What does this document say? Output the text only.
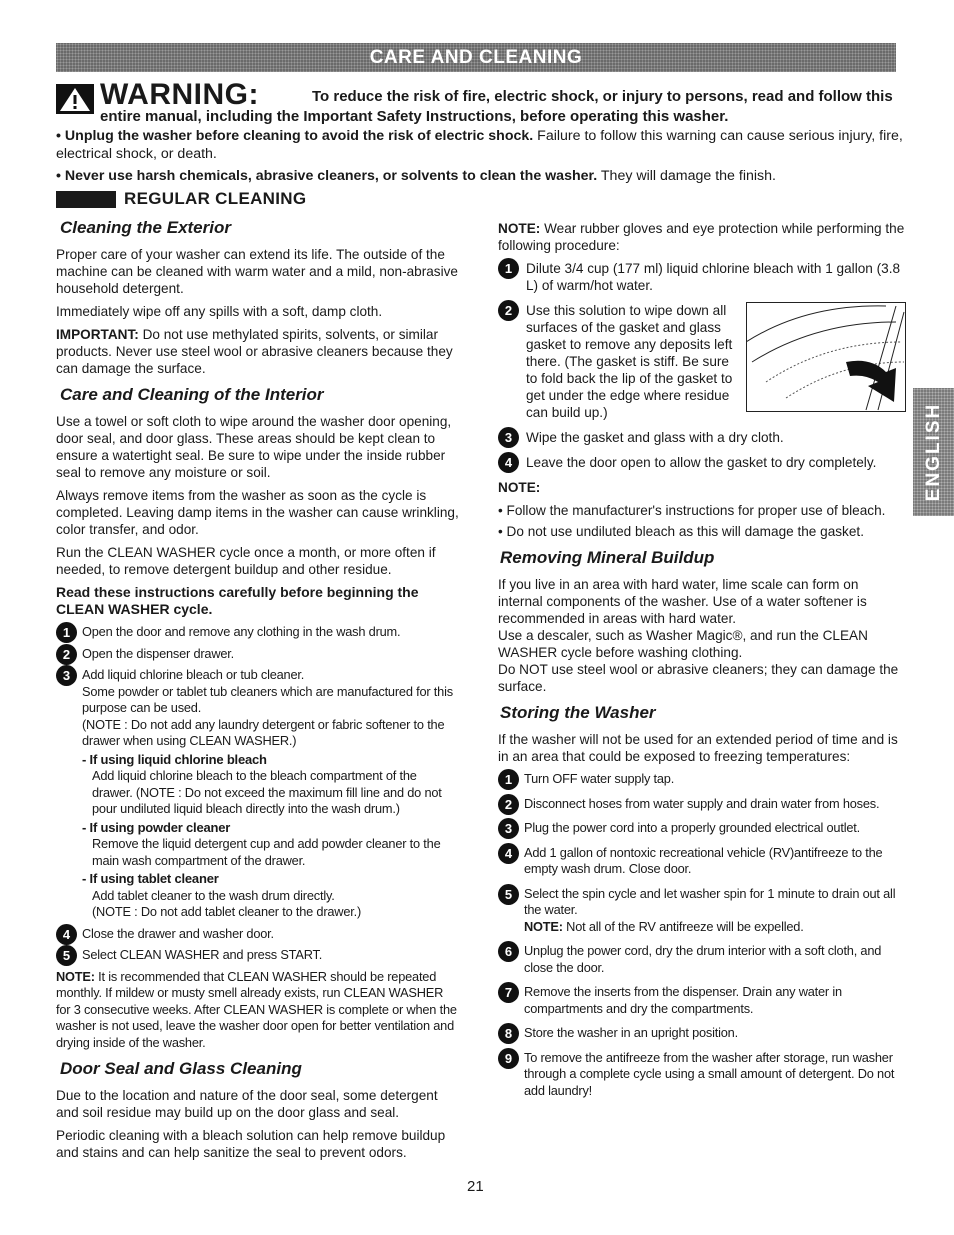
CARE AND CLEANING
WARNING:	To reduce the risk of fire, electric shock, or injury to persons, read and follow this
entire manual, including the Important Safety Instructions, before operating this washer.
• Unplug the washer before cleaning to avoid the risk of electric shock. Failure to follow this warning can cause serious injury, fire, electrical shock, or death.
• Never use harsh chemicals, abrasive cleaners, or solvents to clean the washer. They will damage the finish.
REGULAR CLEANING
Cleaning the Exterior

Proper care of your washer can extend its life. The outside of the machine can be cleaned with warm water and a mild, non-abrasive household detergent.

Immediately wipe off any spills with a soft, damp cloth.

IMPORTANT: Do not use methylated spirits, solvents, or similar products. Never use steel wool or abrasive cleaners because they can damage the surface.

Care and Cleaning of the Interior

Use a towel or soft cloth to wipe around the washer door opening, door seal, and door glass. These areas should be kept clean to ensure a watertight seal. Be sure to wipe under the inside rubber seal to remove any moisture or soil.

Always remove items from the washer as soon as the cycle is completed. Leaving damp items in the washer can cause wrinkling, color transfer, and odor.

Run the CLEAN WASHER cycle once a month, or more often if needed, to remove detergent buildup and other residue.

Read these instructions carefully before beginning the CLEAN WASHER cycle.

1 Open the door and remove any clothing in the wash drum.
2 Open the dispenser drawer.
3 Add liquid chlorine bleach or tub cleaner.
Some powder or tablet tub cleaners which are manufactured for this purpose can be used.
(NOTE : Do not add any laundry detergent or fabric softener to the drawer when using CLEAN WASHER.)
- If using liquid chlorine bleach
Add liquid chlorine bleach to the bleach compartment of the drawer. (NOTE : Do not exceed the maximum fill line and do not pour undiluted liquid bleach directly into the wash drum.)
- If using powder cleaner
Remove the liquid detergent cup and add powder cleaner to the main wash compartment of the drawer.
- If using tablet cleaner
Add tablet cleaner to the wash drum directly.
(NOTE : Do not add tablet cleaner to the drawer.)
4 Close the drawer and washer door.
5 Select CLEAN WASHER and press START.
NOTE: It is recommended that CLEAN WASHER should be repeated monthly. If mildew or musty smell already exists, run CLEAN WASHER for 3 consecutive weeks. After CLEAN WASHER is complete or when the washer is not used, leave the washer door open for better ventilation and drying inside of the washer.
Door Seal and Glass Cleaning

Due to the location and nature of the door seal, some detergent and soil residue may build up on the door glass and seal.

Periodic cleaning with a bleach solution can help remove buildup and stains and can help sanitize the seal to prevent odors.

NOTE: Wear rubber gloves and eye protection while performing the following procedure:

1	Dilute 3/4 cup (177 ml) liquid chlorine bleach with 1 gallon (3.8 L) of warm/hot water.
2	Use this solution to wipe down all surfaces of the gasket and glass gasket to remove any deposits left there. (The gasket is stiff. Be sure to fold back the lip of the gasket to get under the edge where residue can build up.)
3	Wipe the gasket and glass with a dry cloth.
4	Leave the door open to allow the gasket to dry completely.

NOTE:

• Follow the manufacturer's instructions for proper use of bleach.

• Do not use undiluted bleach as this will damage the gasket.

Removing Mineral Buildup

If you live in an area with hard water, lime scale can form on internal components of the washer. Use of a water softener is recommended in areas with hard water.

Use a descaler, such as Washer Magic®, and run the CLEAN WASHER cycle before washing clothing.

Do NOT use steel wool or abrasive cleaners; they can damage the surface.

Storing the Washer

If the washer will not be used for an extended period of time and is in an area that could be exposed to freezing temperatures:

1 Turn OFF water supply tap.
2 Disconnect hoses from water supply and drain water from hoses.
3 Plug the power cord into a properly grounded electrical outlet.
4 Add 1 gallon of nontoxic recreational vehicle (RV)antifreeze to the empty wash drum. Close door.
5 Select the spin cycle and let washer spin for 1 minute to drain out all the water.
NOTE: Not all of the RV antifreeze will be expelled.
6 Unplug the power cord, dry the drum interior with a soft cloth, and close the door.
7 Remove the inserts from the dispenser. Drain any water in compartments and dry the compartments.
8 Store the washer in an upright position.
9 To remove the antifreeze from the washer after storage, run washer through a complete cycle using a small amount of detergent. Do not add laundry!
ENGLISH
21
